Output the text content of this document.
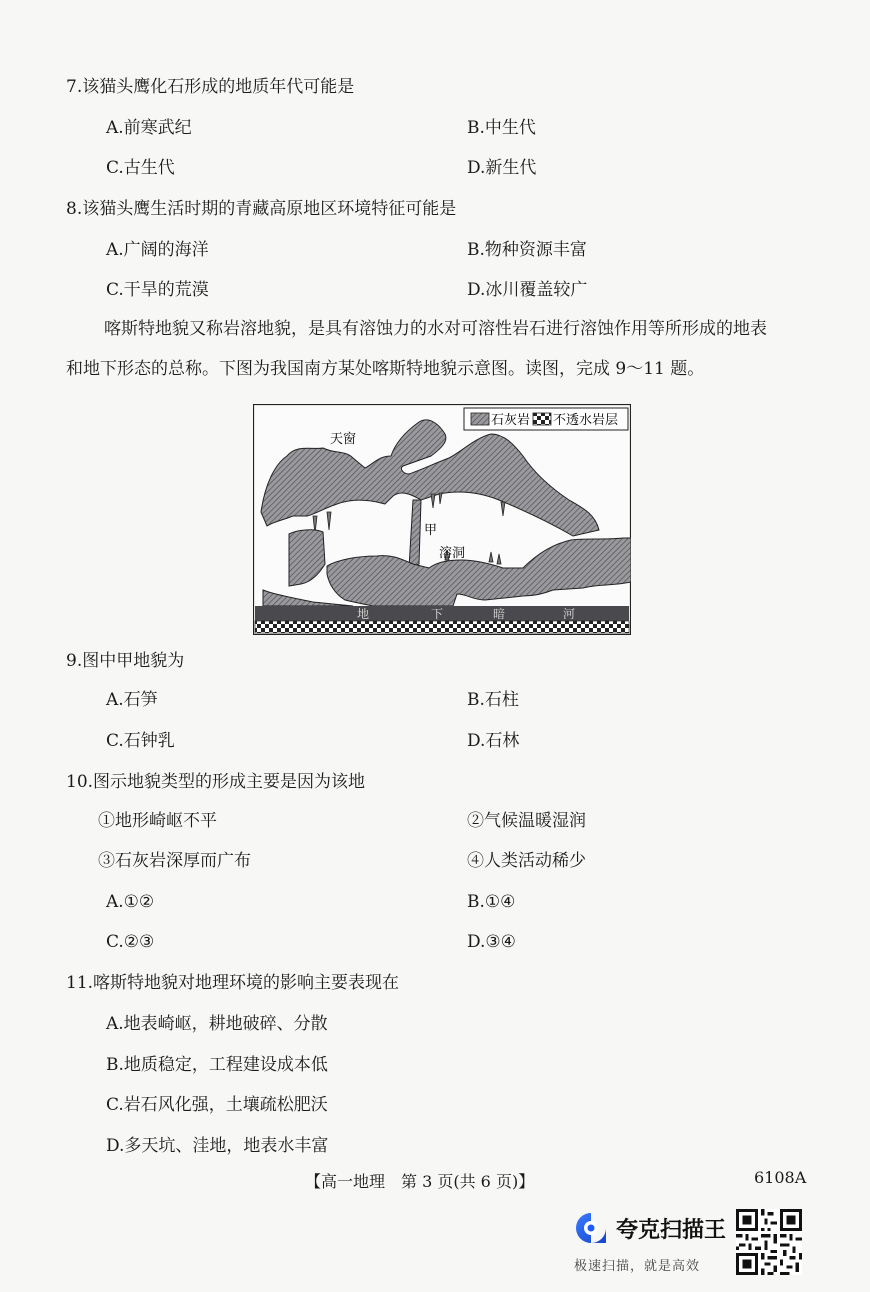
7.该猫头鹰化石形成的地质年代可能是
A.前寒武纪	B.中生代
C.古生代	D.新生代
8.该猫头鹰生活时期的青藏高原地区环境特征可能是
A.广阔的海洋	B.物种资源丰富
C.干旱的荒漠	D.冰川覆盖较广
喀斯特地貌又称岩溶地貌，是具有溶蚀力的水对可溶性岩石进行溶蚀作用等所形成的地表
和地下形态的总称。下图为我国南方某处喀斯特地貌示意图。读图，完成 9～11 题。
石灰岩 不透水岩层
天窗
甲
溶洞
地	下	暗	河
9.图中甲地貌为
A.石笋	B.石柱
C.石钟乳	D.石林
10.图示地貌类型的形成主要是因为该地
①地形崎岖不平	②气候温暖湿润
③石灰岩深厚而广布	④人类活动稀少
A.①②	B.①④
C.②③	D.③④
11.喀斯特地貌对地理环境的影响主要表现在
A.地表崎岖，耕地破碎、分散
B.地质稳定，工程建设成本低
C.岩石风化强，土壤疏松肥沃
D.多天坑、洼地，地表水丰富
【高一地理　第 3 页(共 6 页)】	6108A
夸克扫描王
极速扫描，就是高效
